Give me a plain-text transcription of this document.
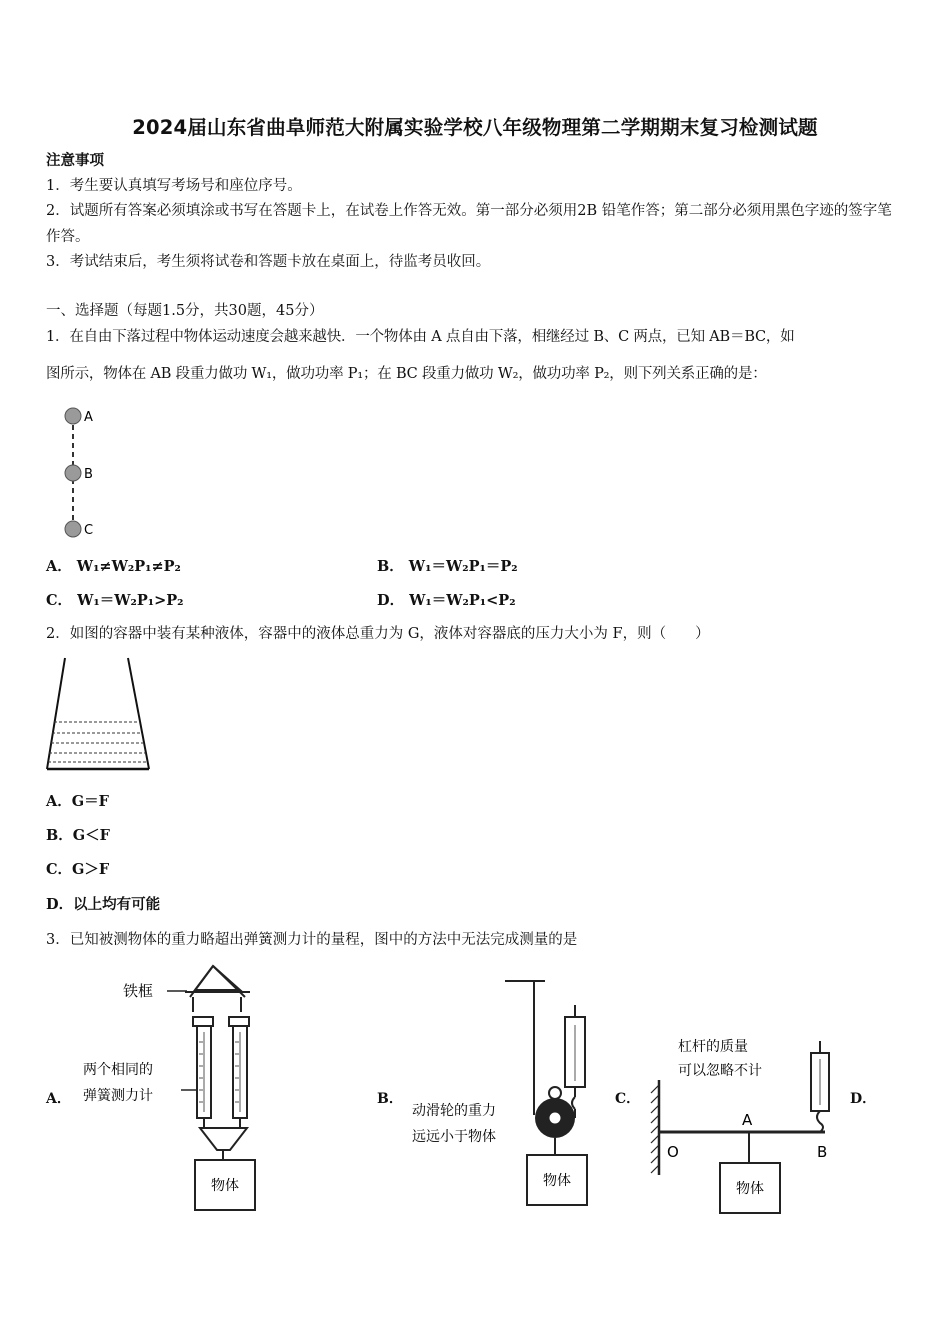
2024届山东省曲阜师范大附属实验学校八年级物理第二学期期末复习检测试题
注意事项
1．考生要认真填写考场号和座位序号。
2．试题所有答案必须填涂或书写在答题卡上，在试卷上作答无效。第一部分必须用2B 铅笔作答；第二部分必须用黑色字迹的签字笔作答。
3．考试结束后，考生须将试卷和答题卡放在桌面上，待监考员收回。
一、选择题（每题1.5分，共30题，45分）
1．在自由下落过程中物体运动速度会越来越快．一个物体由 A 点自由下落，相继经过 B、C 两点，已知 AB＝BC，如
图所示，物体在 AB 段重力做功 W₁，做功功率 P₁；在 BC 段重力做功 W₂，做功功率 P₂，则下列关系正确的是：
A
B
C
A． W₁≠W₂P₁≠P₂	B． W₁＝W₂P₁＝P₂
C． W₁＝W₂P₁>P₂	D． W₁＝W₂P₁<P₂
2．如图的容器中装有某种液体，容器中的液体总重力为 G，液体对容器底的压力大小为 F，则（　　）
A．G＝F
B．G＜F
C．G＞F
D．以上均有可能
3．已知被测物体的重力略超出弹簧测力计的量程，图中的方法中无法完成测量的是
A．	B．	C．	D．
铁框
两个相同的
弹簧测力计
物体
动滑轮的重力
远远小于物体
物体
O
A
B
杠杆的质量
可以忽略不计
物体
